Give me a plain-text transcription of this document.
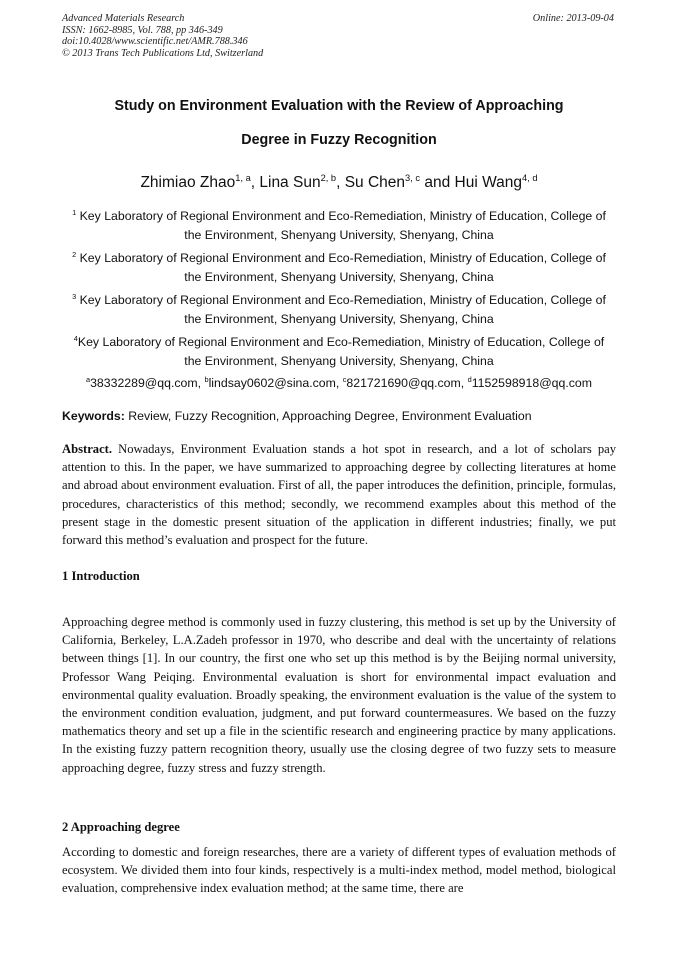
Advanced Materials Research
ISSN: 1662-8985, Vol. 788, pp 346-349
doi:10.4028/www.scientific.net/AMR.788.346
© 2013 Trans Tech Publications Ltd, Switzerland
Online: 2013-09-04
Study on Environment Evaluation with the Review of Approaching
Degree in Fuzzy Recognition
Zhimiao Zhao$^{1, a}$, Lina Sun$^{2, b}$, Su Chen$^{3, c}$ and Hui Wang$^{4, d}$
$^1$ Key Laboratory of Regional Environment and Eco-Remediation, Ministry of Education, College of
the Environment, Shenyang University, Shenyang, China
$^2$ Key Laboratory of Regional Environment and Eco-Remediation, Ministry of Education, College of
the Environment, Shenyang University, Shenyang, China
$^3$ Key Laboratory of Regional Environment and Eco-Remediation, Ministry of Education, College of
the Environment, Shenyang University, Shenyang, China
$^4$Key Laboratory of Regional Environment and Eco-Remediation, Ministry of Education, College of
the Environment, Shenyang University, Shenyang, China
$^a$38332289@qq.com, $^b$lindsay0602@sina.com, $^c$821721690@qq.com, $^d$1152598918@qq.com
Keywords: Review, Fuzzy Recognition, Approaching Degree, Environment Evaluation
Abstract. Nowadays, Environment Evaluation stands a hot spot in research, and a lot of scholars pay attention to this. In the paper, we have summarized to approaching degree by collecting literatures at home and abroad about environment evaluation. First of all, the paper introduces the definition, principle, formulas, procedures, characteristics of this method; secondly, we recommend examples about this method of the present stage in the domestic present situation of the application in different industries; finally, we put forward this method’s evaluation and prospect for the future.
1 Introduction
Approaching degree method is commonly used in fuzzy clustering, this method is set up by the University of California, Berkeley, L.A.Zadeh professor in 1970, who describe and deal with the uncertainty of relations between things [1]. In our country, the first one who set up this method is by the Beijing normal university, Professor Wang Peiqing. Environmental evaluation is short for environmental impact evaluation and environmental quality evaluation. Broadly speaking, the environment evaluation is the value of the system to the environment condition evaluation, judgment, and put forward countermeasures. We based on the fuzzy mathematics theory and set up a file in the scientific research and engineering practice by many applications. In the existing fuzzy pattern recognition theory, usually use the closing degree of two fuzzy sets to measure approaching degree, fuzzy stress and fuzzy strength.
2 Approaching degree
According to domestic and foreign researches, there are a variety of different types of evaluation methods of ecosystem. We divided them into four kinds, respectively is a multi-index method, model method, biological evaluation, comprehensive index evaluation method; at the same time, there are
